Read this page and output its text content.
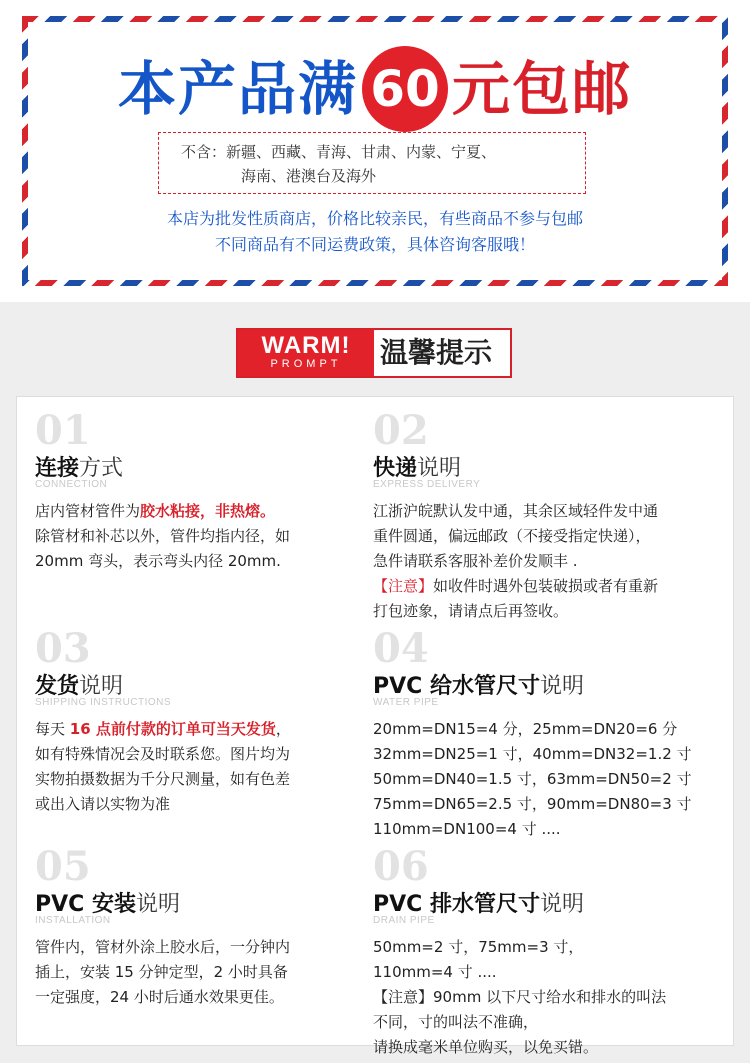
本产品满 60 元包邮
不含：新疆、西藏、青海、甘肃、内蒙、宁夏、
海南、港澳台及海外
本店为批发性质商店，价格比较亲民，有些商品不参与包邮
不同商品有不同运费政策，具体咨询客服哦！
WARM!
PROMPT	温馨提示
01
连接方式
CONNECTION
店内管材管件为胶水粘接，非热熔。
除管材和补芯以外，管件均指内径，如
20mm 弯头，表示弯头内径 20mm.
02
快递说明
EXPRESS DELIVERY
江浙沪皖默认发中通，其余区域轻件发中通
重件圆通，偏远邮政（不接受指定快递），
急件请联系客服补差价发顺丰 .
【注意】如收件时遇外包装破损或者有重新
打包迹象，请请点后再签收。
03
发货说明
SHIPPING INSTRUCTIONS
每天 16 点前付款的订单可当天发货，
如有特殊情况会及时联系您。图片均为
实物拍摄数据为千分尺测量，如有色差
或出入请以实物为准
04
PVC 给水管尺寸说明
WATER PIPE
20mm=DN15=4 分，25mm=DN20=6 分
32mm=DN25=1 寸，40mm=DN32=1.2 寸
50mm=DN40=1.5 寸，63mm=DN50=2 寸
75mm=DN65=2.5 寸，90mm=DN80=3 寸
110mm=DN100=4 寸 ....
05
PVC 安装说明
INSTALLATION
管件内，管材外涂上胶水后，一分钟内
插上，安装 15 分钟定型，2 小时具备
一定强度，24 小时后通水效果更佳。
06
PVC 排水管尺寸说明
DRAIN PIPE
50mm=2 寸，75mm=3 寸，
110mm=4 寸 ....
【注意】90mm 以下尺寸给水和排水的叫法
不同，寸的叫法不准确，
请换成毫米单位购买，以免买错。
